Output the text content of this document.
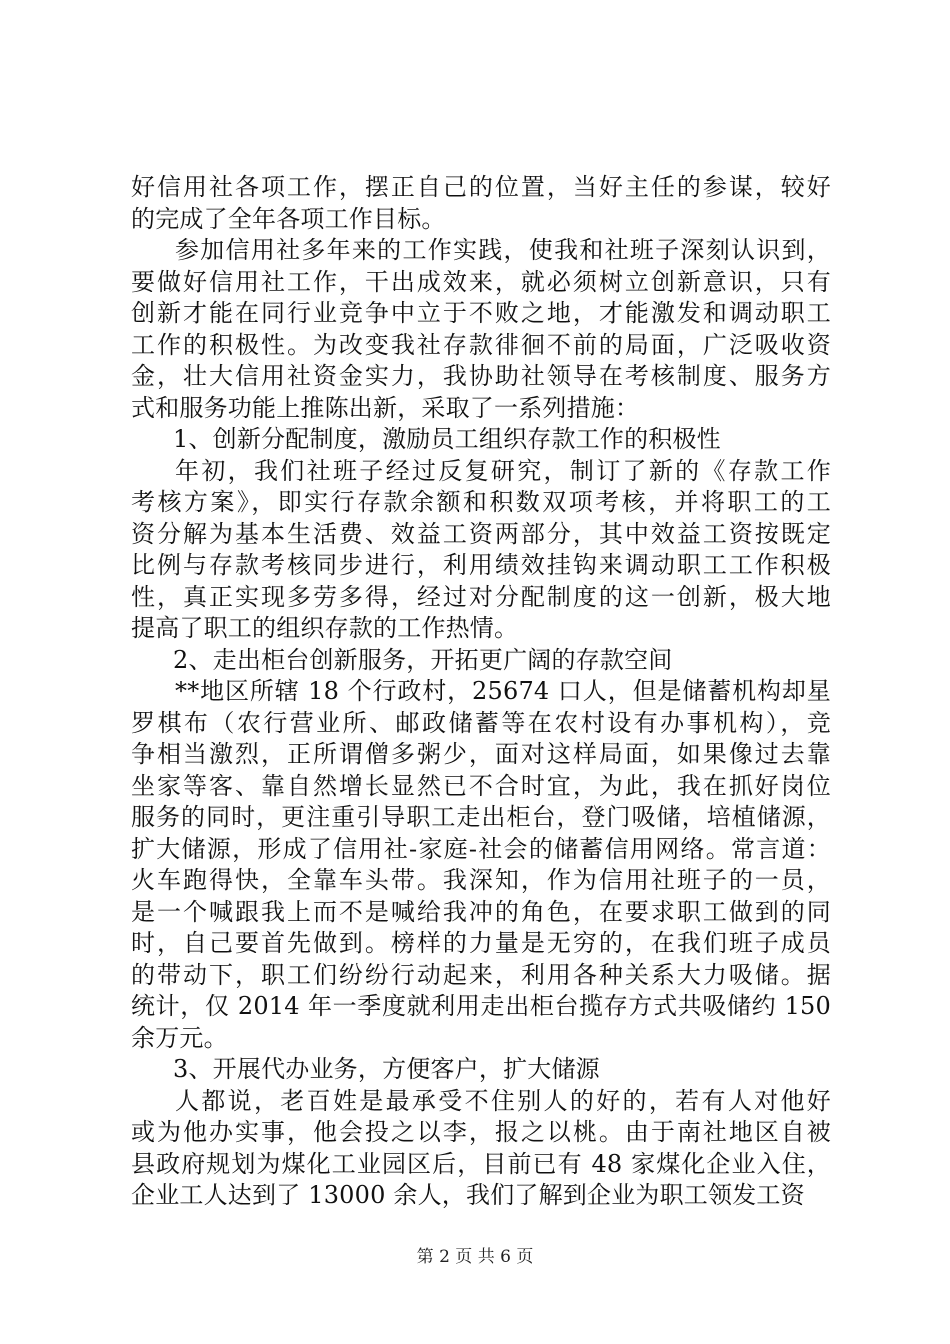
好信用社各项工作，摆正自己的位置，当好主任的参谋，较好
的完成了全年各项工作目标。
参加信用社多年来的工作实践，使我和社班子深刻认识到，
要做好信用社工作，干出成效来，就必须树立创新意识，只有
创新才能在同行业竞争中立于不败之地，才能激发和调动职工
工作的积极性。为改变我社存款徘徊不前的局面，广泛吸收资
金，壮大信用社资金实力，我协助社领导在考核制度、服务方
式和服务功能上推陈出新，采取了一系列措施：
1、创新分配制度，激励员工组织存款工作的积极性
年初，我们社班子经过反复研究，制订了新的《存款工作
考核方案》，即实行存款余额和积数双项考核，并将职工的工
资分解为基本生活费、效益工资两部分，其中效益工资按既定
比例与存款考核同步进行，利用绩效挂钩来调动职工工作积极
性，真正实现多劳多得，经过对分配制度的这一创新，极大地
提高了职工的组织存款的工作热情。
2、走出柜台创新服务，开拓更广阔的存款空间
**地区所辖 18 个行政村，25674 口人，但是储蓄机构却星
罗棋布（农行营业所、邮政储蓄等在农村设有办事机构），竞
争相当激烈，正所谓僧多粥少，面对这样局面，如果像过去靠
坐家等客、靠自然增长显然已不合时宜，为此，我在抓好岗位
服务的同时，更注重引导职工走出柜台，登门吸储，培植储源，
扩大储源，形成了信用社-家庭-社会的储蓄信用网络。常言道：
火车跑得快，全靠车头带。我深知，作为信用社班子的一员，
是一个喊跟我上而不是喊给我冲的角色，在要求职工做到的同
时，自己要首先做到。榜样的力量是无穷的，在我们班子成员
的带动下，职工们纷纷行动起来，利用各种关系大力吸储。据
统计，仅 2014 年一季度就利用走出柜台揽存方式共吸储约 150
余万元。
3、开展代办业务，方便客户，扩大储源
人都说，老百姓是最承受不住别人的好的，若有人对他好
或为他办实事，他会投之以李，报之以桃。由于南社地区自被
县政府规划为煤化工业园区后，目前已有 48 家煤化企业入住，
企业工人达到了 13000 余人，我们了解到企业为职工领发工资
第 2 页 共 6 页
